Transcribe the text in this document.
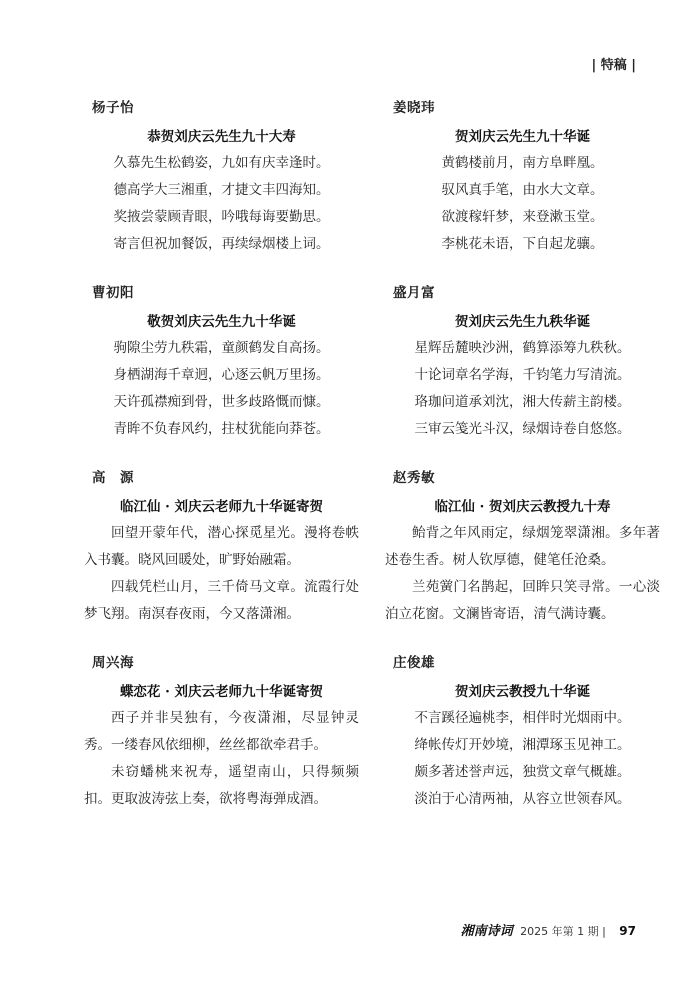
| 特稿 |
杨子怡
恭贺刘庆云先生九十大寿
久慕先生松鹤姿，九如有庆幸逢时。
德高学大三湘重，才捷文丰四海知。
奖掖尝蒙顾青眼，吟哦每诲要勤思。
寄言但祝加餐饭，再续绿烟楼上词。
姜晓玮
贺刘庆云先生九十华诞
黄鹤楼前月，南方阜畔凰。
驭风真手笔，由水大文章。
欲渡稼轩梦，来登漱玉堂。
李桃花未语，下自起龙骧。
曹初阳
敬贺刘庆云先生九十华诞
驹隙尘劳九秩霜，童颜鹤发自高扬。
身栖湖海千章迥，心逐云帆万里扬。
天许孤襟痴到骨，世多歧路慨而慷。
青眸不负春风约，拄杖犹能向莽苍。
盛月富
贺刘庆云先生九秩华诞
星辉岳麓映沙洲，鹤算添筹九秩秋。
十论词章名学海，千钧笔力写清流。
珞珈问道承刘沈，湘大传薪主韵楼。
三审云笺光斗汉，绿烟诗卷自悠悠。
高　源
临江仙 · 刘庆云老师九十华诞寄贺
回望开蒙年代，潜心探觅星光。漫将卷帙入书囊。晓风回暖处，旷野始融霜。
四载凭栏山月，三千倚马文章。流霞行处梦飞翔。南溟春夜雨，今又落潇湘。
赵秀敏
临江仙 · 贺刘庆云教授九十寿
鲐背之年风雨定，绿烟笼翠潇湘。多年著述卷生香。树人钦厚德，健笔任沧桑。
兰苑黉门名鹊起，回眸只笑寻常。一心淡泊立花窗。文澜皆寄语，清气满诗囊。
周兴海
蝶恋花 · 刘庆云老师九十华诞寄贺
西子并非吴独有，今夜潇湘，尽显钟灵秀。一缕春风依细柳，丝丝都欲牵君手。
未窃蟠桃来祝寿，遥望南山，只得频频扣。更取波涛弦上奏，欲将粤海弹成酒。
庄俊雄
贺刘庆云教授九十华诞
不言蹊径遍桃李，相伴时光烟雨中。
绛帐传灯开妙境，湘潭琢玉见神工。
颇多著述誉声远，独赏文章气概雄。
淡泊于心清两袖，从容立世领春风。
湘南诗词 2025 年第 1 期 | 97
